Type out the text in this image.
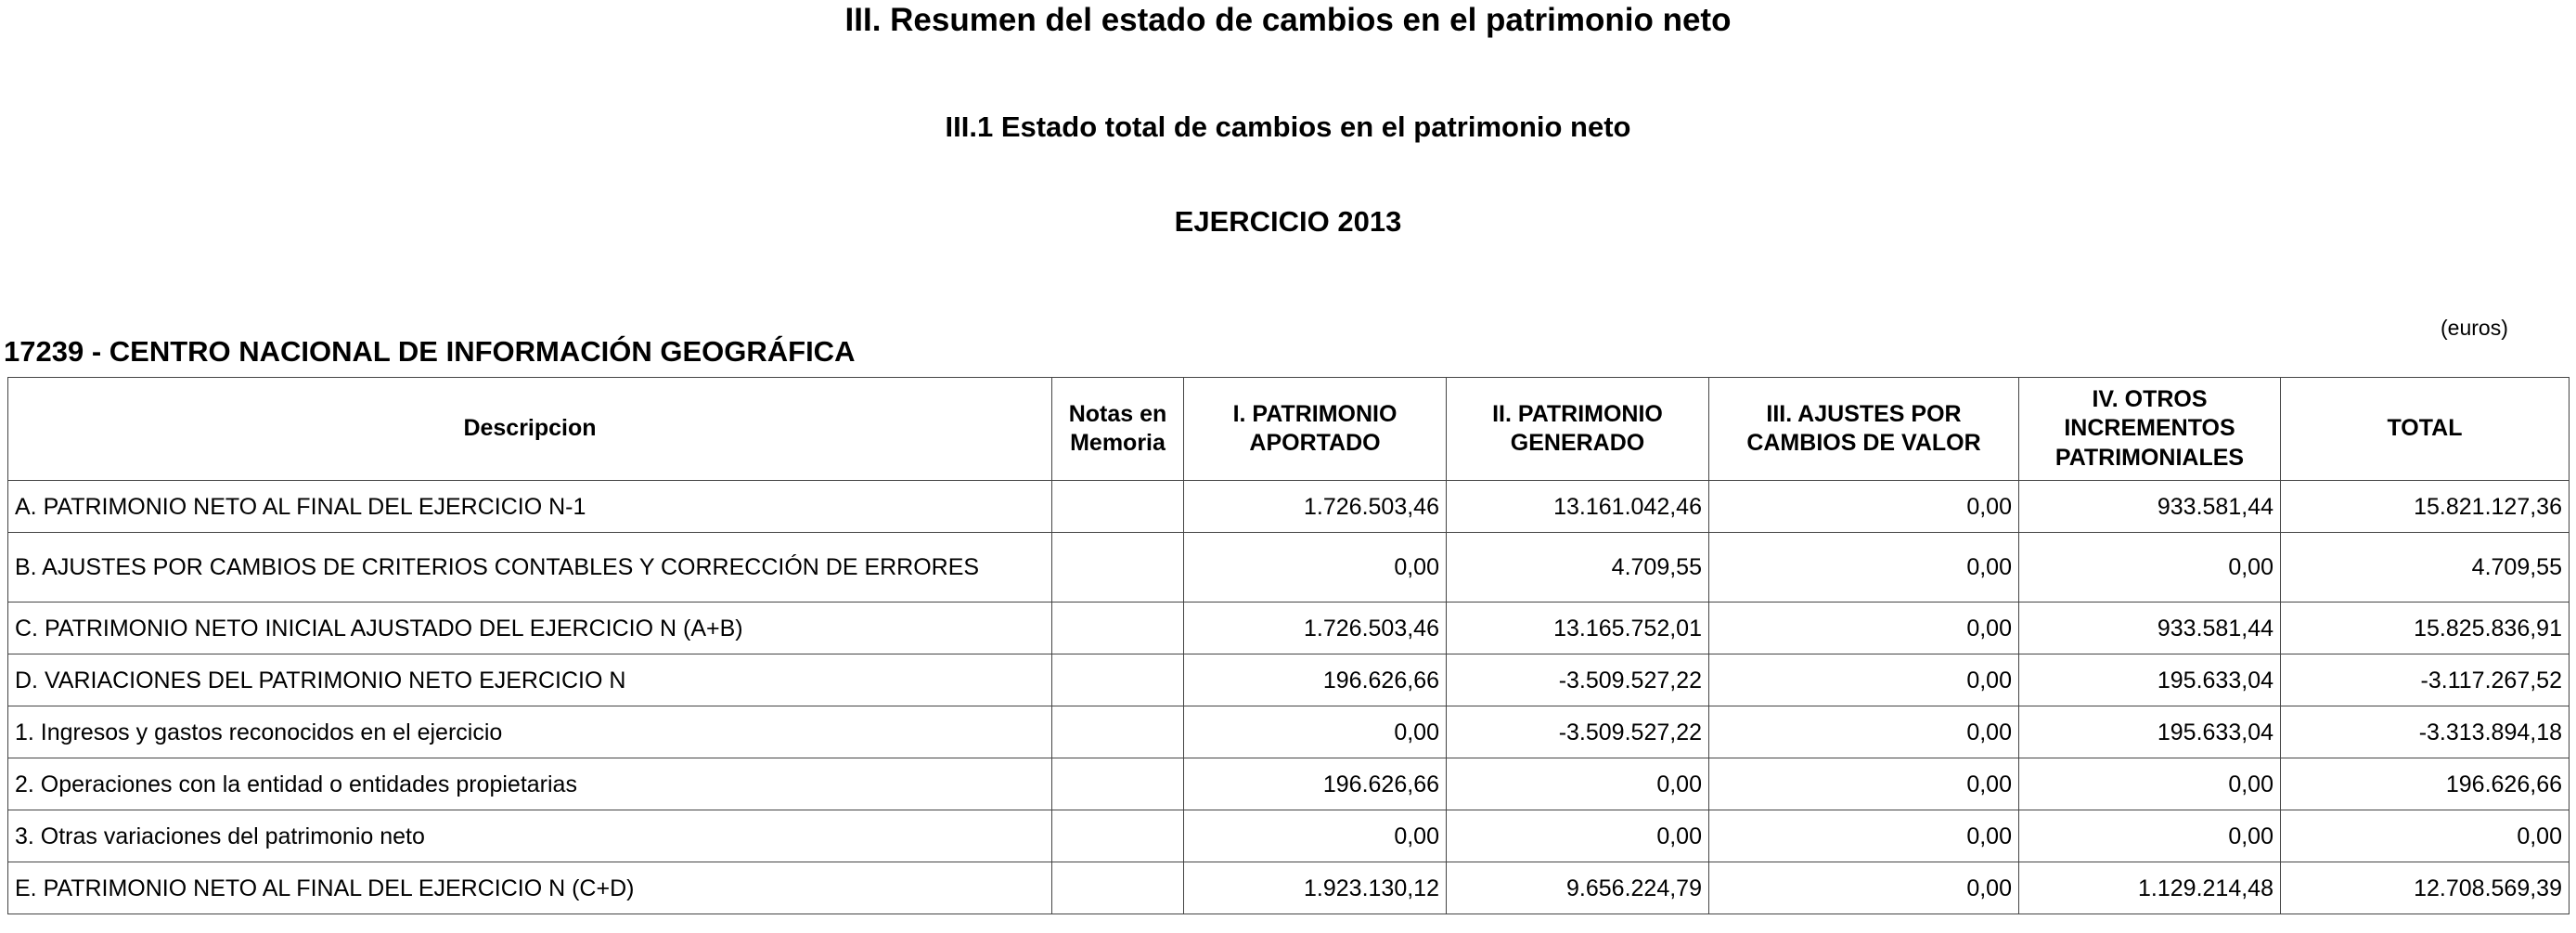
III. Resumen del estado de cambios en el patrimonio neto
III.1 Estado total de cambios en el patrimonio neto
EJERCICIO 2013
(euros)
17239 - CENTRO NACIONAL DE INFORMACIÓN GEOGRÁFICA
Descripcion	Notas en Memoria	I. PATRIMONIO APORTADO	II. PATRIMONIO GENERADO	III. AJUSTES POR CAMBIOS DE VALOR	IV. OTROS INCREMENTOS PATRIMONIALES	TOTAL
A. PATRIMONIO NETO AL FINAL DEL EJERCICIO N-1		1.726.503,46	13.161.042,46	0,00	933.581,44	15.821.127,36
B. AJUSTES POR CAMBIOS DE CRITERIOS CONTABLES Y CORRECCIÓN DE ERRORES		0,00	4.709,55	0,00	0,00	4.709,55
C. PATRIMONIO NETO INICIAL AJUSTADO DEL EJERCICIO N (A+B)		1.726.503,46	13.165.752,01	0,00	933.581,44	15.825.836,91
D. VARIACIONES DEL PATRIMONIO NETO EJERCICIO N		196.626,66	-3.509.527,22	0,00	195.633,04	-3.117.267,52
1. Ingresos y gastos reconocidos en el ejercicio		0,00	-3.509.527,22	0,00	195.633,04	-3.313.894,18
2. Operaciones con la entidad o entidades propietarias		196.626,66	0,00	0,00	0,00	196.626,66
3. Otras variaciones del patrimonio neto		0,00	0,00	0,00	0,00	0,00
E. PATRIMONIO NETO AL FINAL DEL EJERCICIO N (C+D)		1.923.130,12	9.656.224,79	0,00	1.129.214,48	12.708.569,39
